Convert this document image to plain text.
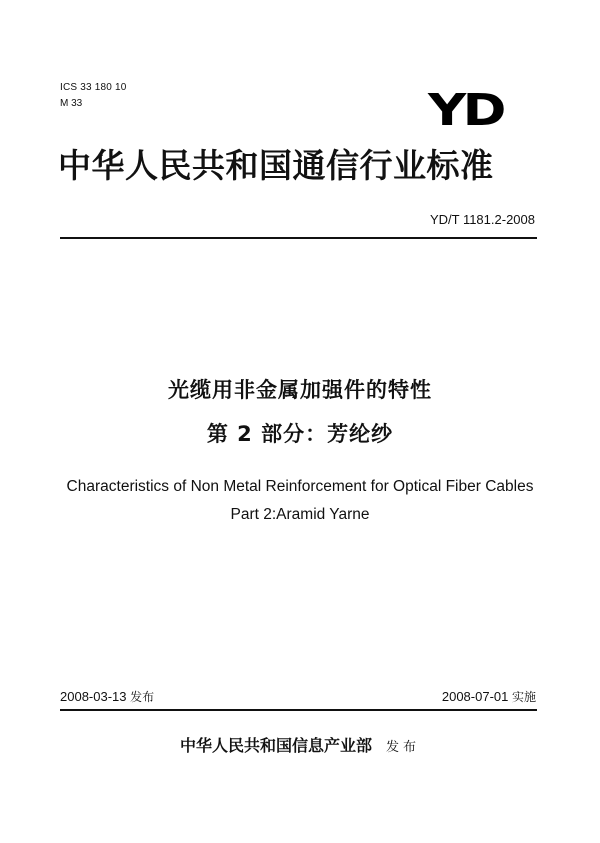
ICS 33 180 10

M 33	YD
中华人民共和国通信行业标准

YD/T 1181.2-2008

光缆用非金属加强件的特性
第 2 部分：芳纶纱

Characteristics of Non Metal Reinforcement for Optical Fiber Cables

Part 2:Aramid Yarne

2008-03-13 发布	2008-07-01 实施

中华人民共和国信息产业部 发布
